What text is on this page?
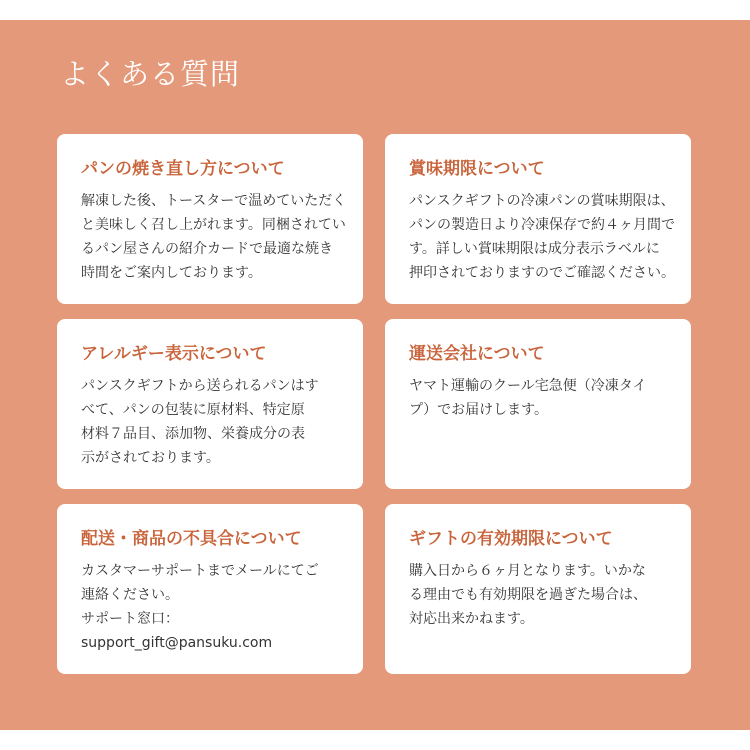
よくある質問
パンの焼き直し方について

解凍した後、トースターで温めていただく
と美味しく召し上がれます。同梱されてい
るパン屋さんの紹介カードで最適な焼き
時間をご案内しております。

賞味期限について

パンスクギフトの冷凍パンの賞味期限は、
パンの製造日より冷凍保存で約４ヶ月間で
す。詳しい賞味期限は成分表示ラベルに
押印されておりますのでご確認ください。

アレルギー表示について

パンスクギフトから送られるパンはす
べて、パンの包装に原材料、特定原
材料７品目、添加物、栄養成分の表
示がされております。

運送会社について

ヤマト運輸のクール宅急便（冷凍タイ
プ）でお届けします。

配送・商品の不具合について

カスタマーサポートまでメールにてご
連絡ください。
サポート窓口：
support_gift@pansuku.com

ギフトの有効期限について

購入日から６ヶ月となります。いかな
る理由でも有効期限を過ぎた場合は、
対応出来かねます。
